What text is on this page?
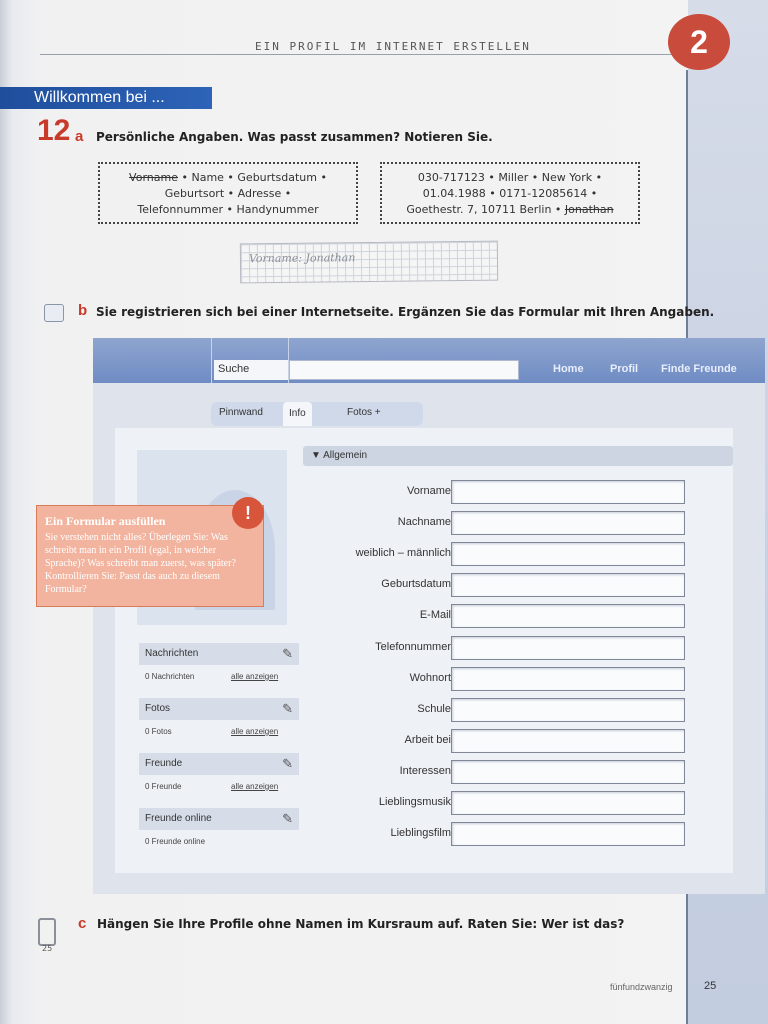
EIN PROFIL IM INTERNET ERSTELLEN	2
Willkommen bei ...
12 a Persönliche Angaben. Was passt zusammen? Notieren Sie.
Vorname • Name • Geburtsdatum •
Geburtsort • Adresse •
Telefonnummer • Handynummer
030-717123 • Miller • New York •
01.04.1988 • 0171-12085614 •
Goethestr. 7, 10711 Berlin • Jonathan
Vorname: Jonathan
b Sie registrieren sich bei einer Internetseite. Ergänzen Sie das Formular mit Ihren Angaben.
Suche	Home Profil Finde Freunde
Pinnwand	Info	Fotos +
▼ Allgemein
Vorname
Nachname
weiblich – männlich
Geburtsdatum
E-Mail
Telefonnummer
Wohnort
Schule
Arbeit bei
Interessen
Lieblingsmusik
Lieblingsfilm
Nachrichten	✎
0 Nachrichten	alle anzeigen
Fotos	✎
0 Fotos	alle anzeigen
Freunde	✎
0 Freunde	alle anzeigen
Freunde online	✎
0 Freunde online
Ein Formular ausfüllen
Sie verstehen nicht alles? Überlegen Sie: Was schreibt man in ein Profil (egal, in welcher Sprache)? Was schreibt man zuerst, was später? Kontrollieren Sie: Passt das auch zu diesem Formular?
!
25
c Hängen Sie Ihre Profile ohne Namen im Kursraum auf. Raten Sie: Wer ist das?
fünfundzwanzig	25
